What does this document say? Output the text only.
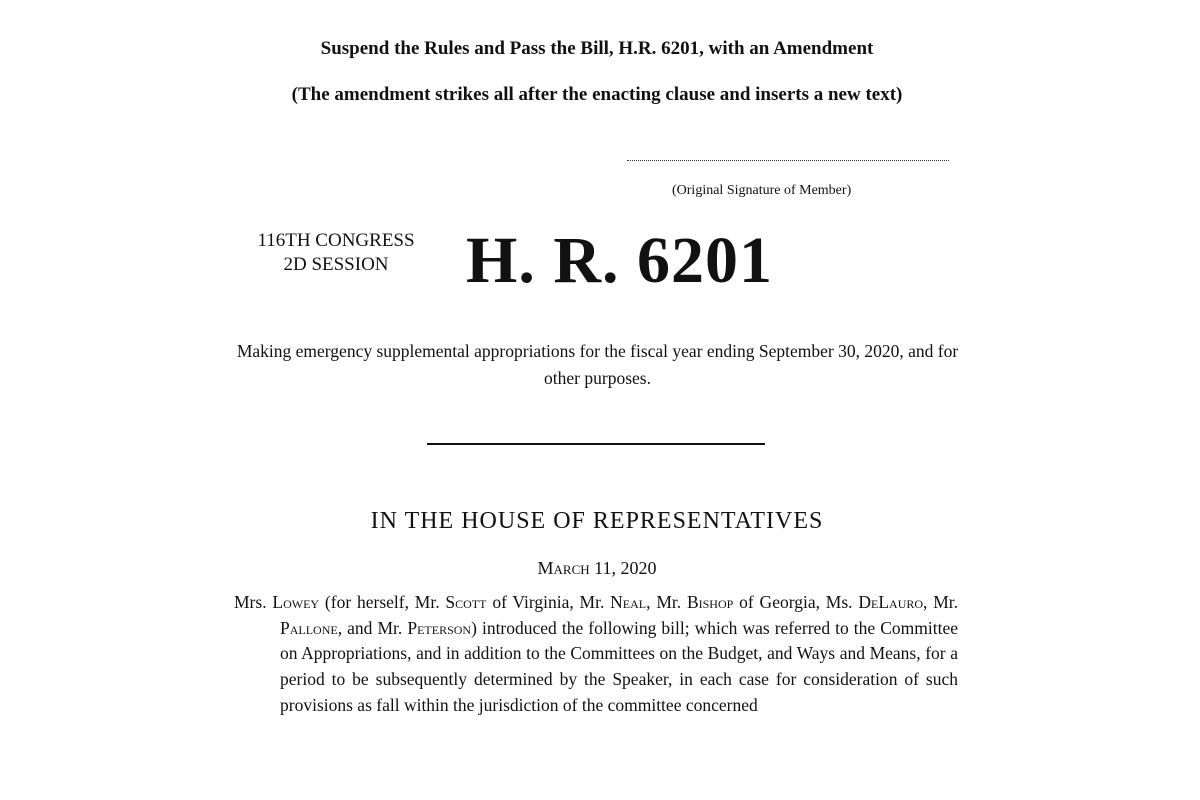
Suspend the Rules and Pass the Bill, H.R. 6201, with an Amendment
(The amendment strikes all after the enacting clause and inserts a new text)
(Original Signature of Member)
116TH CONGRESS
2D SESSION	H. R. 6201
Making emergency supplemental appropriations for the fiscal year ending September 30, 2020, and for other purposes.
IN THE HOUSE OF REPRESENTATIVES
March 11, 2020
Mrs. Lowey (for herself, Mr. Scott of Virginia, Mr. Neal, Mr. Bishop of Georgia, Ms. DeLauro, Mr. Pallone, and Mr. Peterson) introduced the following bill; which was referred to the Committee on Appropriations, and in addition to the Committees on the Budget, and Ways and Means, for a period to be subsequently determined by the Speaker, in each case for consideration of such provisions as fall within the jurisdiction of the committee concerned
